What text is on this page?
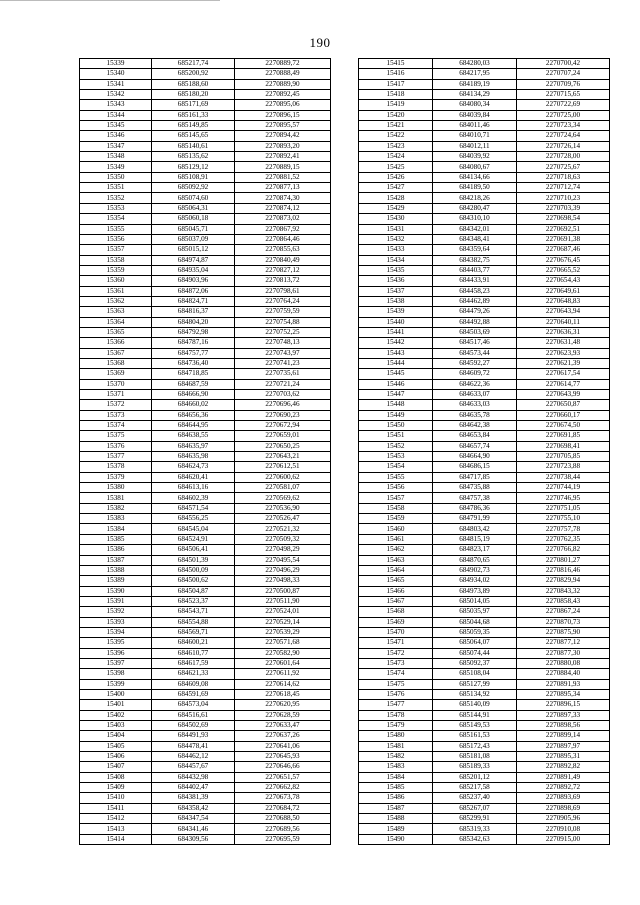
190
15339	685217,74	2270889,72
15340	685200,92	2270888,49
15341	685188,60	2270889,90
15342	685180,20	2270892,45
15343	685171,69	2270895,06
15344	685161,33	2270896,15
15345	685149,85	2270895,57
15346	685145,65	2270894,42
15347	685140,61	2270893,20
15348	685135,62	2270892,41
15349	685129,12	2270889,15
15350	685108,91	2270881,52
15351	685092,92	2270877,13
15352	685074,60	2270874,30
15353	685064,31	2270874,12
15354	685060,18	2270873,02
15355	685045,71	2270867,92
15356	685037,09	2270864,46
15357	685015,12	2270855,63
15358	684974,87	2270840,49
15359	684935,04	2270827,12
15360	684903,96	2270813,72
15361	684872,06	2270798,61
15362	684824,71	2270764,24
15363	684816,37	2270759,59
15364	684804,20	2270754,88
15365	684792,98	2270752,25
15366	684787,16	2270748,13
15367	684757,77	2270743,97
15368	684736,40	2270741,23
15369	684718,85	2270735,61
15370	684687,59	2270721,24
15371	684666,90	2270703,62
15372	684660,02	2270696,46
15373	684656,36	2270690,23
15374	684644,95	2270672,94
15375	684638,55	2270659,01
15376	684635,97	2270650,25
15377	684635,98	2270643,21
15378	684624,73	2270612,51
15379	684620,41	2270600,62
15380	684613,16	2270581,07
15381	684602,39	2270569,62
15382	684571,54	2270536,90
15383	684556,25	2270526,47
15384	684545,04	2270521,32
15385	684524,91	2270509,32
15386	684506,41	2270498,29
15387	684501,39	2270495,54
15388	684500,09	2270496,29
15389	684500,62	2270498,33
15390	684504,87	2270500,87
15391	684523,37	2270511,90
15392	684543,71	2270524,01
15393	684554,88	2270529,14
15394	684569,71	2270539,29
15395	684600,21	2270571,68
15396	684610,77	2270582,90
15397	684617,59	2270601,64
15398	684621,33	2270611,92
15399	684609,08	2270614,62
15400	684591,69	2270618,45
15401	684573,04	2270620,95
15402	684516,61	2270628,59
15403	684502,69	2270633,47
15404	684491,93	2270637,26
15405	684478,41	2270641,06
15406	684462,12	2270645,93
15407	684457,67	2270646,66
15408	684432,98	2270651,57
15409	684402,47	2270662,82
15410	684381,39	2270673,78
15411	684358,42	2270684,72
15412	684347,54	2270688,50
15413	684341,46	2270689,56
15414	684309,56	2270695,59
15415	684280,03	2270700,42
15416	684217,95	2270707,24
15417	684189,19	2270709,76
15418	684134,29	2270715,65
15419	684080,34	2270722,69
15420	684039,84	2270725,00
15421	684011,46	2270723,34
15422	684010,71	2270724,64
15423	684012,11	2270726,14
15424	684039,92	2270728,00
15425	684080,67	2270725,67
15426	684134,66	2270718,63
15427	684189,50	2270712,74
15428	684218,26	2270710,23
15429	684280,47	2270703,39
15430	684310,10	2270698,54
15431	684342,01	2270692,51
15432	684348,41	2270691,38
15433	684359,64	2270687,46
15434	684382,75	2270676,45
15435	684403,77	2270665,52
15436	684433,91	2270654,43
15437	684458,23	2270649,61
15438	684462,89	2270648,83
15439	684479,26	2270643,94
15440	684492,88	2270640,11
15441	684503,69	2270636,31
15442	684517,46	2270631,48
15443	684573,44	2270623,93
15444	684592,27	2270621,39
15445	684609,72	2270617,54
15446	684622,36	2270614,77
15447	684633,07	2270643,99
15448	684633,03	2270650,87
15449	684635,78	2270660,17
15450	684642,38	2270674,50
15451	684653,84	2270691,85
15452	684657,74	2270698,41
15453	684664,90	2270705,85
15454	684686,15	2270723,88
15455	684717,85	2270738,44
15456	684735,88	2270744,19
15457	684757,38	2270746,95
15458	684786,36	2270751,05
15459	684791,99	2270755,10
15460	684803,42	2270757,78
15461	684815,19	2270762,35
15462	684823,17	2270766,82
15463	684870,65	2270801,27
15464	684902,73	2270816,46
15465	684934,02	2270829,94
15466	684973,89	2270843,32
15467	685014,05	2270858,43
15468	685035,97	2270867,24
15469	685044,68	2270870,73
15470	685059,35	2270875,90
15471	685064,07	2270877,12
15472	685074,44	2270877,30
15473	685092,37	2270880,08
15474	685108,04	2270884,40
15475	685127,99	2270891,93
15476	685134,92	2270895,34
15477	685140,09	2270896,15
15478	685144,91	2270897,33
15479	685149,53	2270898,56
15480	685161,53	2270899,14
15481	685172,43	2270897,97
15482	685181,08	2270895,31
15483	685189,33	2270892,82
15484	685201,12	2270891,49
15485	685217,58	2270892,72
15486	685237,40	2270893,69
15487	685267,07	2270898,69
15488	685299,91	2270905,96
15489	685319,33	2270910,08
15490	685342,63	2270915,00
